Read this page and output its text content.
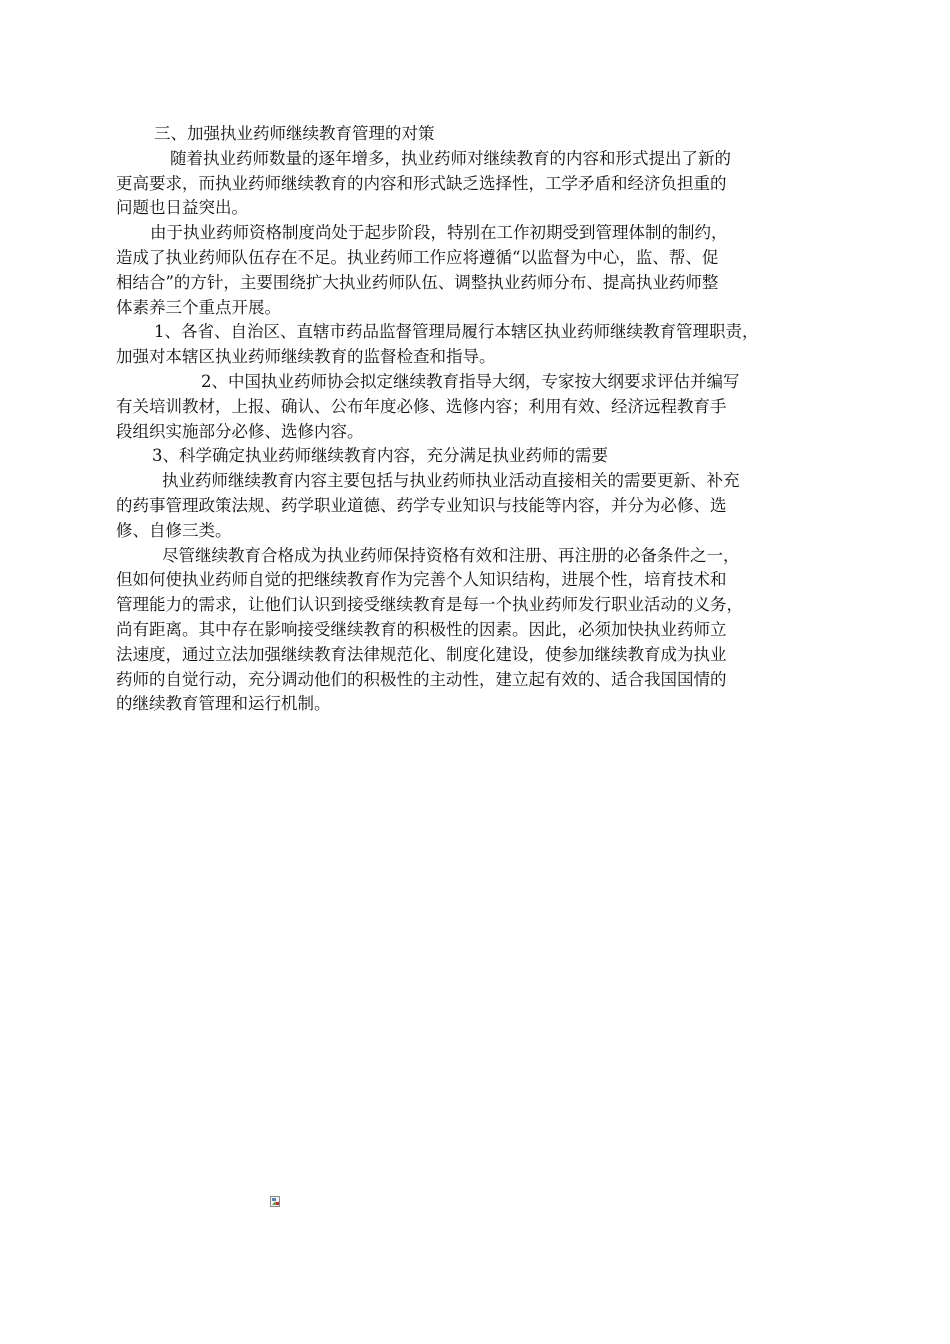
三、加强执业药师继续教育管理的对策

随着执业药师数量的逐年增多，执业药师对继续教育的内容和形式提出了新的
更高要求，而执业药师继续教育的内容和形式缺乏选择性，工学矛盾和经济负担重的
问题也日益突出。

由于执业药师资格制度尚处于起步阶段，特别在工作初期受到管理体制的制约，
造成了执业药师队伍存在不足。执业药师工作应将遵循“以监督为中心，监、帮、促
相结合”的方针，主要围绕扩大执业药师队伍、调整执业药师分布、提高执业药师整
体素养三个重点开展。

1、各省、自治区、直辖市药品监督管理局履行本辖区执业药师继续教育管理职责，
加强对本辖区执业药师继续教育的监督检查和指导。

2、中国执业药师协会拟定继续教育指导大纲，专家按大纲要求评估并编写
有关培训教材，上报、确认、公布年度必修、选修内容；利用有效、经济远程教育手
段组织实施部分必修、选修内容。

3、科学确定执业药师继续教育内容，充分满足执业药师的需要

执业药师继续教育内容主要包括与执业药师执业活动直接相关的需要更新、补充
的药事管理政策法规、药学职业道德、药学专业知识与技能等内容，并分为必修、选
修、自修三类。

尽管继续教育合格成为执业药师保持资格有效和注册、再注册的必备条件之一，
但如何使执业药师自觉的把继续教育作为完善个人知识结构，进展个性，培育技术和
管理能力的需求，让他们认识到接受继续教育是每一个执业药师发行职业活动的义务，
尚有距离。其中存在影响接受继续教育的积极性的因素。因此，必须加快执业药师立
法速度，通过立法加强继续教育法律规范化、制度化建设，使参加继续教育成为执业
药师的自觉行动，充分调动他们的积极性的主动性，建立起有效的、适合我国国情的
的继续教育管理和运行机制。
